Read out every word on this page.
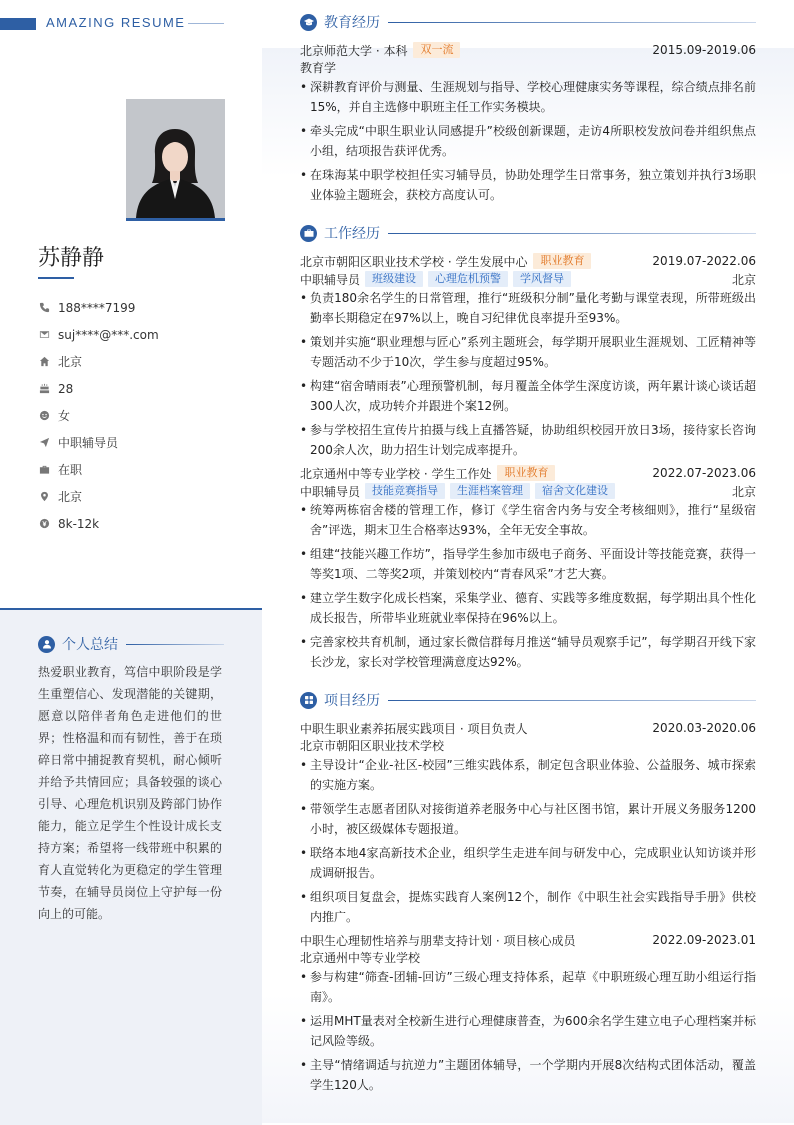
AMAZING RESUME
苏静静
188****7199
suj****@***.com
北京
28
女
中职辅导员
在职
北京
8k-12k
个人总结
热爱职业教育，笃信中职阶段是学生重塑信心、发现潜能的关键期，愿意以陪伴者角色走进他们的世界；性格温和而有韧性，善于在琐碎日常中捕捉教育契机，耐心倾听并给予共情回应；具备较强的谈心引导、心理危机识别及跨部门协作能力，能立足学生个性设计成长支持方案；希望将一线带班中积累的育人直觉转化为更稳定的学生管理节奏，在辅导员岗位上守护每一份向上的可能。
教育经历
北京师范大学 · 本科	双一流	2015.09-2019.06
教育学
• 深耕教育评价与测量、生涯规划与指导、学校心理健康实务等课程，综合绩点排名前15%，并自主选修中职班主任工作实务模块。
• 牵头完成“中职生职业认同感提升”校级创新课题，走访4所职校发放问卷并组织焦点小组，结项报告获评优秀。
• 在珠海某中职学校担任实习辅导员，协助处理学生日常事务，独立策划并执行3场职业体验主题班会，获校方高度认可。
工作经历
北京市朝阳区职业技术学校 · 学生发展中心	职业教育	2019.07-2022.06
中职辅导员	班级建设	心理危机预警	学风督导	北京
• 负责180余名学生的日常管理，推行“班级积分制”量化考勤与课堂表现，所带班级出勤率长期稳定在97%以上，晚自习纪律优良率提升至93%。
• 策划并实施“职业理想与匠心”系列主题班会，每学期开展职业生涯规划、工匠精神等专题活动不少于10次，学生参与度超过95%。
• 构建“宿舍晴雨表”心理预警机制，每月覆盖全体学生深度访谈，两年累计谈心谈话超300人次，成功转介并跟进个案12例。
• 参与学校招生宣传片拍摄与线上直播答疑，协助组织校园开放日3场，接待家长咨询200余人次，助力招生计划完成率提升。
北京通州中等专业学校 · 学生工作处	职业教育	2022.07-2023.06
中职辅导员	技能竞赛指导	生涯档案管理	宿舍文化建设	北京
• 统筹两栋宿舍楼的管理工作，修订《学生宿舍内务与安全考核细则》，推行“星级宿舍”评选，期末卫生合格率达93%，全年无安全事故。
• 组建“技能兴趣工作坊”，指导学生参加市级电子商务、平面设计等技能竞赛，获得一等奖1项、二等奖2项，并策划校内“青春风采”才艺大赛。
• 建立学生数字化成长档案，采集学业、德育、实践等多维度数据，每学期出具个性化成长报告，所带毕业班就业率保持在96%以上。
• 完善家校共育机制，通过家长微信群每月推送“辅导员观察手记”，每学期召开线下家长沙龙，家长对学校管理满意度达92%。
项目经历
中职生职业素养拓展实践项目 · 项目负责人	2020.03-2020.06
北京市朝阳区职业技术学校
• 主导设计“企业-社区-校园”三维实践体系，制定包含职业体验、公益服务、城市探索的实施方案。
• 带领学生志愿者团队对接街道养老服务中心与社区图书馆，累计开展义务服务1200小时，被区级媒体专题报道。
• 联络本地4家高新技术企业，组织学生走进车间与研发中心，完成职业认知访谈并形成调研报告。
• 组织项目复盘会，提炼实践育人案例12个，制作《中职生社会实践指导手册》供校内推广。
中职生心理韧性培养与朋辈支持计划 · 项目核心成员	2022.09-2023.01
北京通州中等专业学校
• 参与构建“筛查-团辅-回访”三级心理支持体系，起草《中职班级心理互助小组运行指南》。
• 运用MHT量表对全校新生进行心理健康普查，为600余名学生建立电子心理档案并标记风险等级。
• 主导“情绪调适与抗逆力”主题团体辅导，一个学期内开展8次结构式团体活动，覆盖学生120人。
